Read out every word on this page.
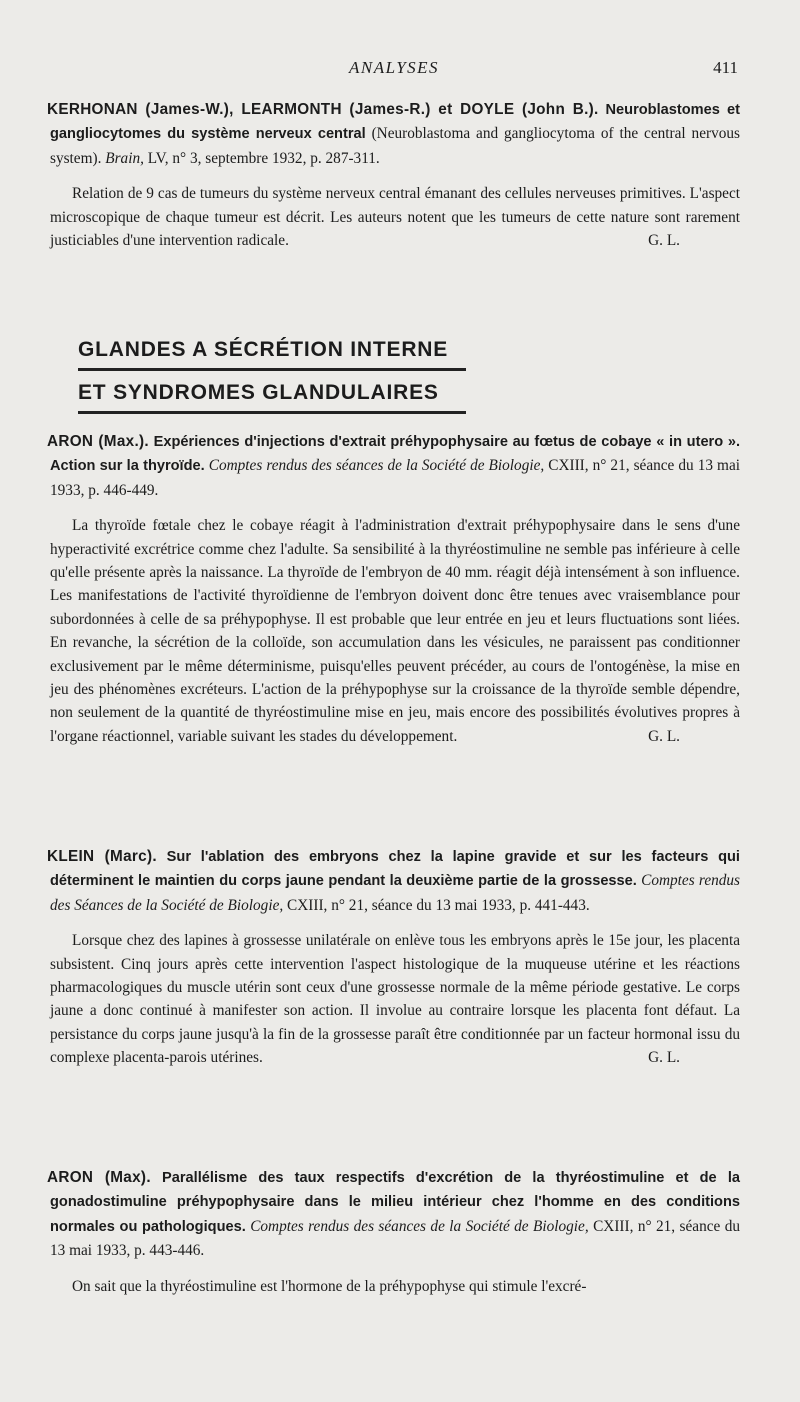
ANALYSES	411

KERHONAN (James-W.), LEARMONTH (James-R.) et DOYLE (John B.). Neuroblastomes et gangliocytomes du système nerveux central (Neuroblastoma and gangliocytoma of the central nervous system). Brain, LV, n° 3, septembre 1932, p. 287-311.

Relation de 9 cas de tumeurs du système nerveux central émanant des cellules nerveuses primitives. L'aspect microscopique de chaque tumeur est décrit. Les auteurs notent que les tumeurs de cette nature sont rarement justiciables d'une intervention radicale.	G. L.

GLANDES A SÉCRÉTION INTERNE
ET SYNDROMES GLANDULAIRES

ARON (Max.). Expériences d'injections d'extrait préhypophysaire au fœtus de cobaye « in utero ». Action sur la thyroïde. Comptes rendus des séances de la Société de Biologie, CXIII, n° 21, séance du 13 mai 1933, p. 446-449.

La thyroïde fœtale chez le cobaye réagit à l'administration d'extrait préhypophysaire dans le sens d'une hyperactivité excrétrice comme chez l'adulte. Sa sensibilité à la thyréostimuline ne semble pas inférieure à celle qu'elle présente après la naissance. La thyroïde de l'embryon de 40 mm. réagit déjà intensément à son influence. Les manifestations de l'activité thyroïdienne de l'embryon doivent donc être tenues avec vraisemblance pour subordonnées à celle de sa préhypophyse. Il est probable que leur entrée en jeu et leurs fluctuations sont liées. En revanche, la sécrétion de la colloïde, son accumulation dans les vésicules, ne paraissent pas conditionner exclusivement par le même déterminisme, puisqu'elles peuvent précéder, au cours de l'ontogénèse, la mise en jeu des phénomènes excréteurs. L'action de la préhypophyse sur la croissance de la thyroïde semble dépendre, non seulement de la quantité de thyréostimuline mise en jeu, mais encore des possibilités évolutives propres à l'organe réactionnel, variable suivant les stades du développement.	G. L.

KLEIN (Marc). Sur l'ablation des embryons chez la lapine gravide et sur les facteurs qui déterminent le maintien du corps jaune pendant la deuxième partie de la grossesse. Comptes rendus des Séances de la Société de Biologie, CXIII, n° 21, séance du 13 mai 1933, p. 441-443.

Lorsque chez des lapines à grossesse unilatérale on enlève tous les embryons après le 15e jour, les placenta subsistent. Cinq jours après cette intervention l'aspect histologique de la muqueuse utérine et les réactions pharmacologiques du muscle utérin sont ceux d'une grossesse normale de la même période gestative. Le corps jaune a donc continué à manifester son action. Il involue au contraire lorsque les placenta font défaut. La persistance du corps jaune jusqu'à la fin de la grossesse paraît être conditionnée par un facteur hormonal issu du complexe placenta-parois utérines.	G. L.

ARON (Max). Parallélisme des taux respectifs d'excrétion de la thyréostimuline et de la gonadostimuline préhypophysaire dans le milieu intérieur chez l'homme en des conditions normales ou pathologiques. Comptes rendus des séances de la Société de Biologie, CXIII, n° 21, séance du 13 mai 1933, p. 443-446.

On sait que la thyréostimuline est l'hormone de la préhypophyse qui stimule l'excré-
